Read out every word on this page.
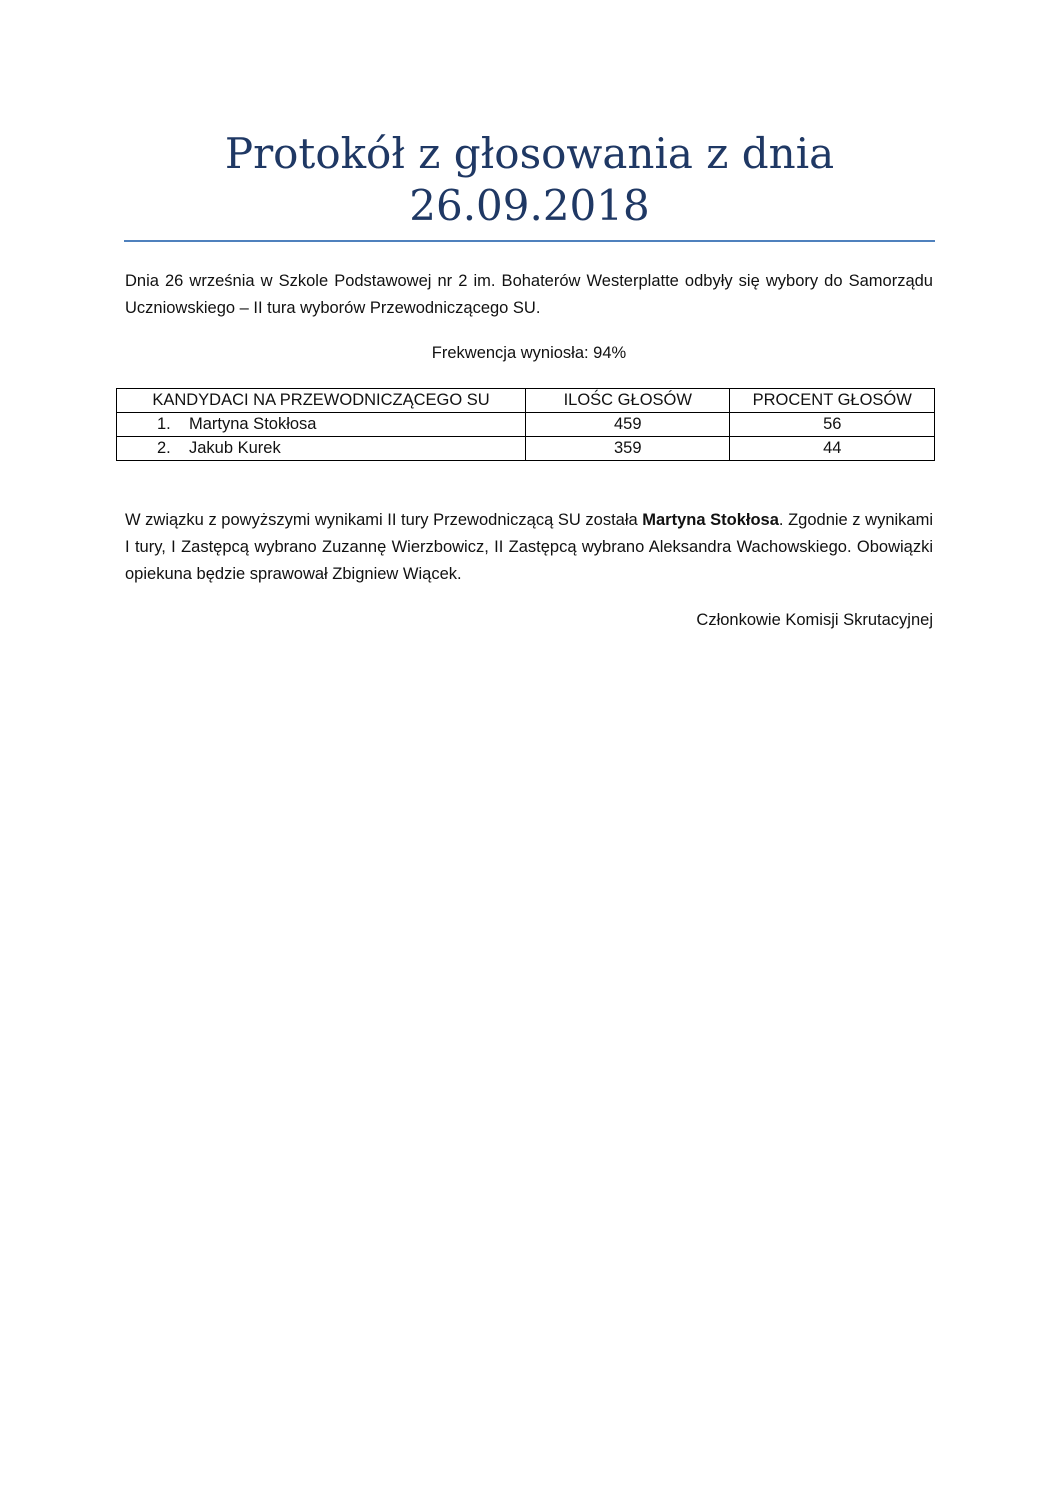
Protokół z głosowania z dnia
26.09.2018
Dnia 26 września w Szkole Podstawowej nr 2 im. Bohaterów Westerplatte odbyły się wybory do Samorządu Uczniowskiego – II tura wyborów Przewodniczącego SU.
Frekwencja wyniosła: 94%
KANDYDACI NA PRZEWODNICZĄCEGO SU	ILOŚC GŁOSÓW	PROCENT GŁOSÓW
1. Martyna Stokłosa	459	56
2. Jakub Kurek	359	44
W związku z powyższymi wynikami II tury Przewodniczącą SU została Martyna Stokłosa. Zgodnie z wynikami I tury, I Zastępcą wybrano Zuzannę Wierzbowicz, II Zastępcą wybrano Aleksandra Wachowskiego. Obowiązki opiekuna będzie sprawował Zbigniew Wiącek.
Członkowie Komisji Skrutacyjnej
